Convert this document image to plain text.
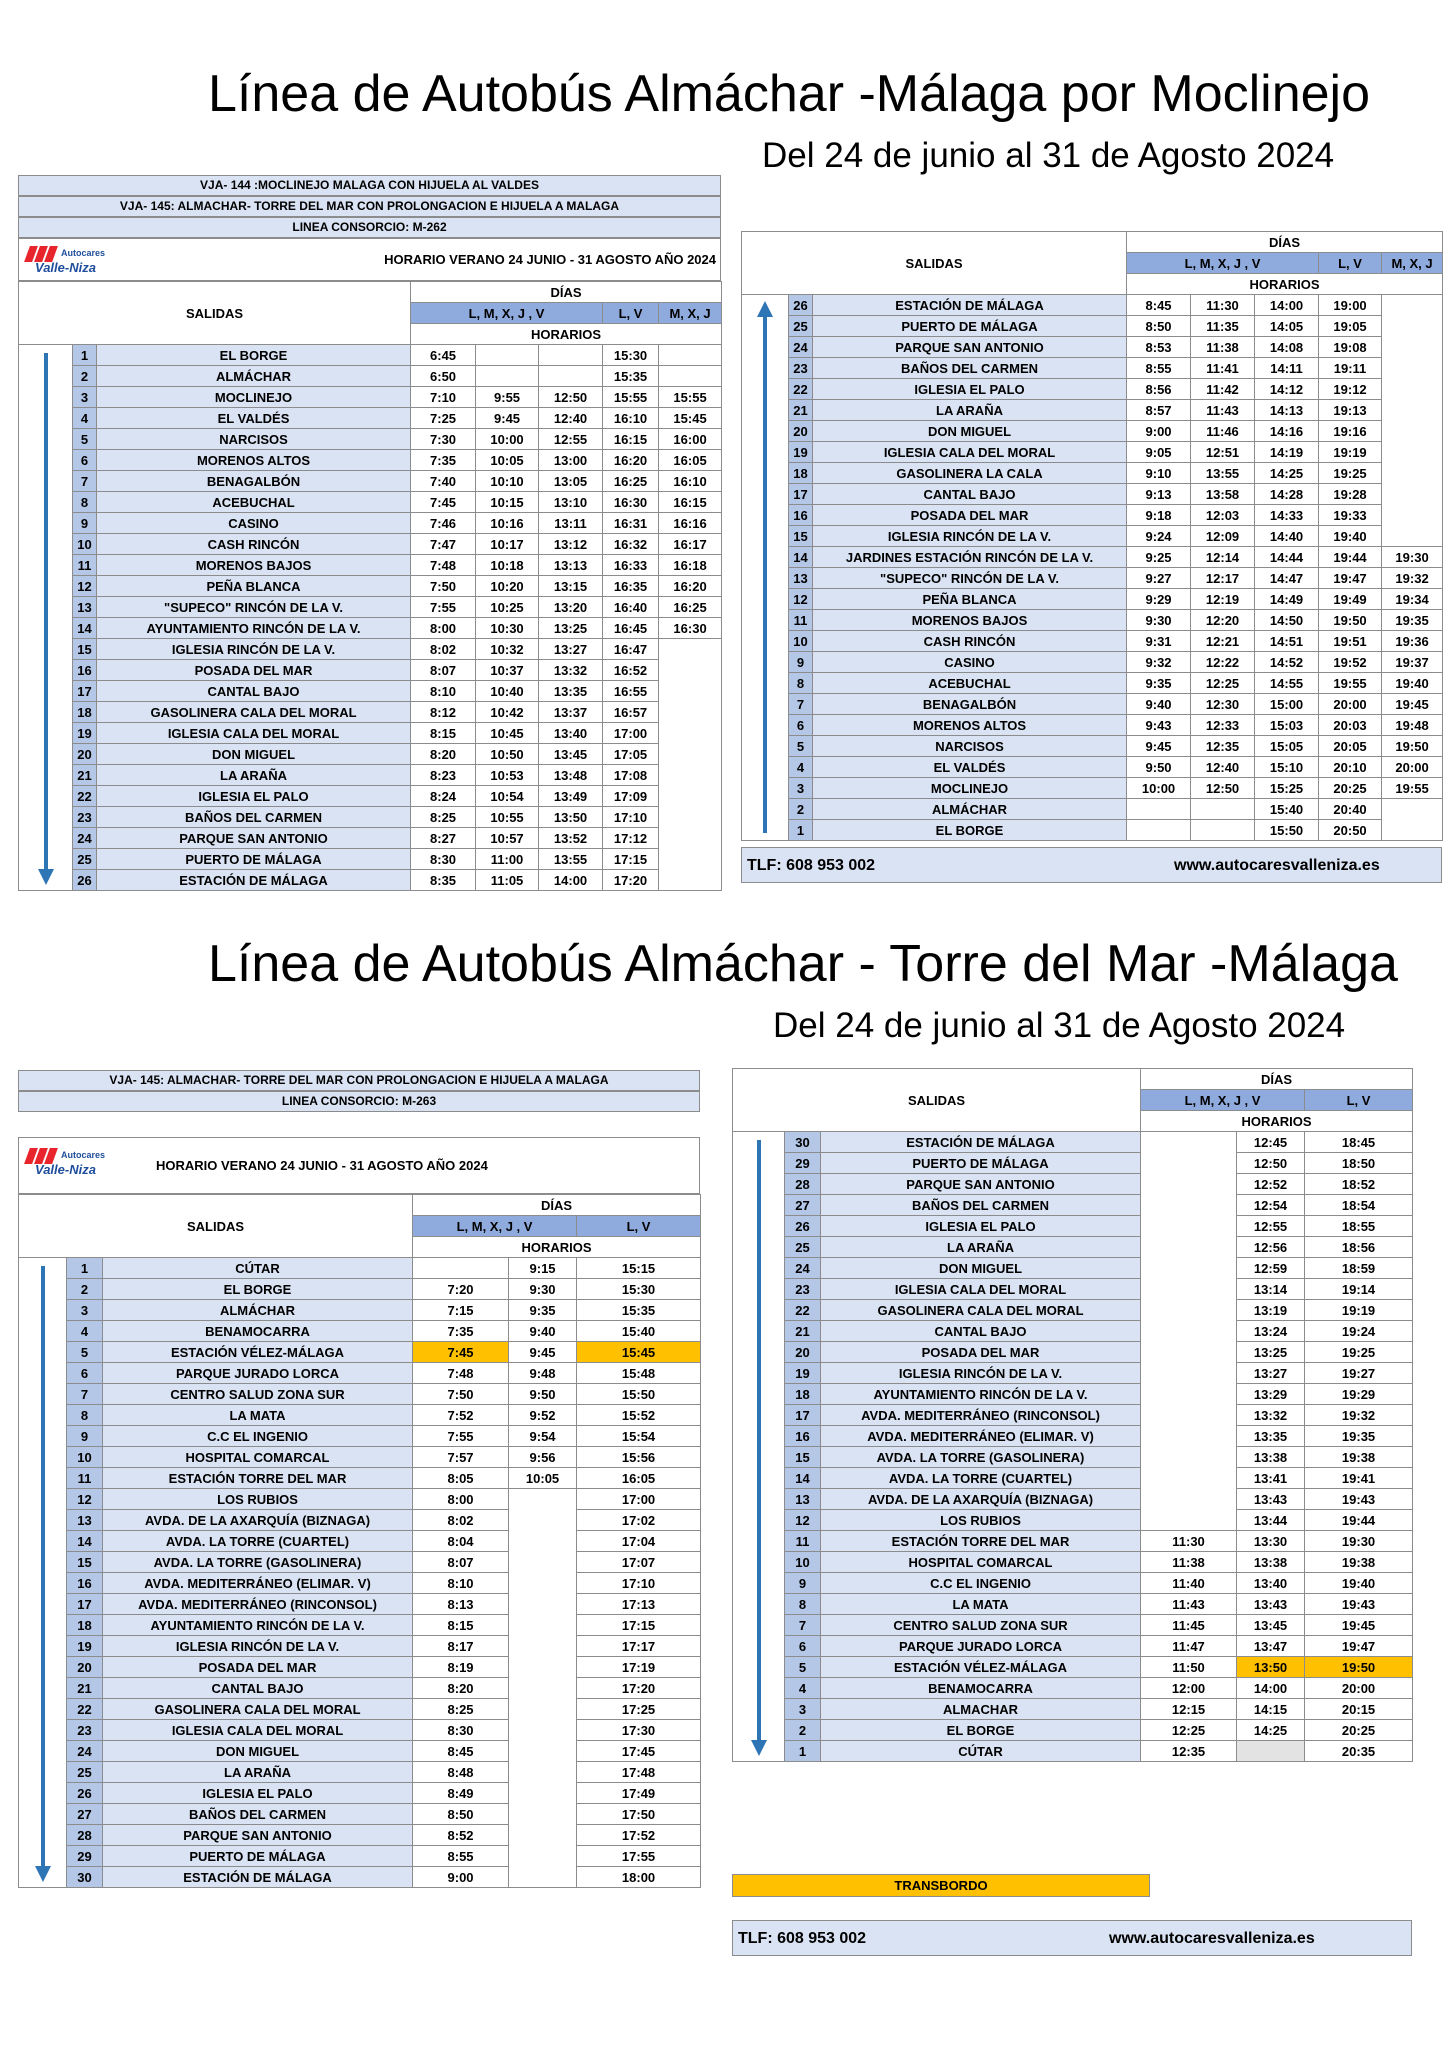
Línea de Autobús Almáchar -Málaga por Moclinejo
Del 24 de junio al 31 de Agosto 2024
VJA- 144 :MOCLINEJO MALAGA CON HIJUELA AL VALDES
VJA- 145: ALMACHAR- TORRE DEL MAR CON PROLONGACION E HIJUELA A MALAGA
LINEA CONSORCIO: M-262
Autocares
Valle-Niza
HORARIO VERANO 24 JUNIO - 31 AGOSTO AÑO 2024
SALIDAS			DÍAS				
			L, M, X, J , V			L, V	M, X, J
			HORARIOS				

	1	EL BORGE	6:45			15:30	
	2	ALMÁCHAR	6:50			15:35	
	3	MOCLINEJO	7:10	9:55	12:50	15:55	15:55
	4	EL VALDÉS	7:25	9:45	12:40	16:10	15:45
	5	NARCISOS	7:30	10:00	12:55	16:15	16:00
	6	MORENOS ALTOS	7:35	10:05	13:00	16:20	16:05
	7	BENAGALBÓN	7:40	10:10	13:05	16:25	16:10
	8	ACEBUCHAL	7:45	10:15	13:10	16:30	16:15
	9	CASINO	7:46	10:16	13:11	16:31	16:16
	10	CASH RINCÓN	7:47	10:17	13:12	16:32	16:17
	11	MORENOS BAJOS	7:48	10:18	13:13	16:33	16:18
	12	PEÑA BLANCA	7:50	10:20	13:15	16:35	16:20
	13	"SUPECO" RINCÓN DE LA V.	7:55	10:25	13:20	16:40	16:25
	14	AYUNTAMIENTO RINCÓN DE LA V.	8:00	10:30	13:25	16:45	16:30
	15	IGLESIA RINCÓN DE LA V.	8:02	10:32	13:27	16:47	
	16	POSADA DEL MAR	8:07	10:37	13:32	16:52	
	17	CANTAL BAJO	8:10	10:40	13:35	16:55	
	18	GASOLINERA CALA DEL MORAL	8:12	10:42	13:37	16:57	
	19	IGLESIA CALA DEL MORAL	8:15	10:45	13:40	17:00	
	20	DON MIGUEL	8:20	10:50	13:45	17:05	
	21	LA ARAÑA	8:23	10:53	13:48	17:08	
	22	IGLESIA EL PALO	8:24	10:54	13:49	17:09	
	23	BAÑOS DEL CARMEN	8:25	10:55	13:50	17:10	
	24	PARQUE SAN ANTONIO	8:27	10:57	13:52	17:12	
	25	PUERTO DE MÁLAGA	8:30	11:00	13:55	17:15	
	26	ESTACIÓN DE MÁLAGA	8:35	11:05	14:00	17:20	
SALIDAS			DÍAS				
			L, M, X, J , V			L, V	M, X, J
			HORARIOS				

	26	ESTACIÓN DE MÁLAGA	8:45	11:30	14:00	19:00	
	25	PUERTO DE MÁLAGA	8:50	11:35	14:05	19:05	
	24	PARQUE SAN ANTONIO	8:53	11:38	14:08	19:08	
	23	BAÑOS DEL CARMEN	8:55	11:41	14:11	19:11	
	22	IGLESIA EL PALO	8:56	11:42	14:12	19:12	
	21	LA ARAÑA	8:57	11:43	14:13	19:13	
	20	DON MIGUEL	9:00	11:46	14:16	19:16	
	19	IGLESIA CALA DEL MORAL	9:05	12:51	14:19	19:19	
	18	GASOLINERA LA CALA	9:10	13:55	14:25	19:25	
	17	CANTAL BAJO	9:13	13:58	14:28	19:28	
	16	POSADA DEL MAR	9:18	12:03	14:33	19:33	
	15	IGLESIA RINCÓN DE LA V.	9:24	12:09	14:40	19:40	
	14	JARDINES ESTACIÓN RINCÓN DE LA V.	9:25	12:14	14:44	19:44	19:30
	13	"SUPECO" RINCÓN DE LA V.	9:27	12:17	14:47	19:47	19:32
	12	PEÑA BLANCA	9:29	12:19	14:49	19:49	19:34
	11	MORENOS BAJOS	9:30	12:20	14:50	19:50	19:35
	10	CASH RINCÓN	9:31	12:21	14:51	19:51	19:36
	9	CASINO	9:32	12:22	14:52	19:52	19:37
	8	ACEBUCHAL	9:35	12:25	14:55	19:55	19:40
	7	BENAGALBÓN	9:40	12:30	15:00	20:00	19:45
	6	MORENOS ALTOS	9:43	12:33	15:03	20:03	19:48
	5	NARCISOS	9:45	12:35	15:05	20:05	19:50
	4	EL VALDÉS	9:50	12:40	15:10	20:10	20:00
	3	MOCLINEJO	10:00	12:50	15:25	20:25	19:55
	2	ALMÁCHAR			15:40	20:40	
	1	EL BORGE			15:50	20:50	
TLF: 608 953 002	www.autocaresvalleniza.es
Línea de Autobús Almáchar - Torre del Mar -Málaga
Del 24 de junio al 31 de Agosto 2024
VJA- 145: ALMACHAR- TORRE DEL MAR CON PROLONGACION E HIJUELA A MALAGA
LINEA CONSORCIO: M-263
Autocares
Valle-Niza	HORARIO VERANO 24 JUNIO - 31 AGOSTO AÑO 2024
SALIDAS			DÍAS		
			L, M, X, J , V		L, V
			HORARIOS		

	1	CÚTAR		9:15	15:15
	2	EL BORGE	7:20	9:30	15:30
	3	ALMÁCHAR	7:15	9:35	15:35
	4	BENAMOCARRA	7:35	9:40	15:40
	5	ESTACIÓN VÉLEZ-MÁLAGA	7:45	9:45	15:45
	6	PARQUE JURADO LORCA	7:48	9:48	15:48
	7	CENTRO SALUD ZONA SUR	7:50	9:50	15:50
	8	LA MATA	7:52	9:52	15:52
	9	C.C EL INGENIO	7:55	9:54	15:54
	10	HOSPITAL COMARCAL	7:57	9:56	15:56
	11	ESTACIÓN TORRE DEL MAR	8:05	10:05	16:05
	12	LOS RUBIOS	8:00		17:00
	13	AVDA. DE LA AXARQUÍA (BIZNAGA)	8:02		17:02
	14	AVDA. LA TORRE (CUARTEL)	8:04		17:04
	15	AVDA. LA TORRE (GASOLINERA)	8:07		17:07
	16	AVDA. MEDITERRÁNEO (ELIMAR. V)	8:10		17:10
	17	AVDA. MEDITERRÁNEO (RINCONSOL)	8:13		17:13
	18	AYUNTAMIENTO RINCÓN DE LA V.	8:15		17:15
	19	IGLESIA RINCÓN DE LA V.	8:17		17:17
	20	POSADA DEL MAR	8:19		17:19
	21	CANTAL BAJO	8:20		17:20
	22	GASOLINERA CALA DEL MORAL	8:25		17:25
	23	IGLESIA CALA DEL MORAL	8:30		17:30
	24	DON MIGUEL	8:45		17:45
	25	LA ARAÑA	8:48		17:48
	26	IGLESIA EL PALO	8:49		17:49
	27	BAÑOS DEL CARMEN	8:50		17:50
	28	PARQUE SAN ANTONIO	8:52		17:52
	29	PUERTO DE MÁLAGA	8:55		17:55
	30	ESTACIÓN DE MÁLAGA	9:00		18:00
SALIDAS			DÍAS		
			L, M, X, J , V		L, V
			HORARIOS		

	30	ESTACIÓN DE MÁLAGA		12:45	18:45
	29	PUERTO DE MÁLAGA		12:50	18:50
	28	PARQUE SAN ANTONIO		12:52	18:52
	27	BAÑOS DEL CARMEN		12:54	18:54
	26	IGLESIA EL PALO		12:55	18:55
	25	LA ARAÑA		12:56	18:56
	24	DON MIGUEL		12:59	18:59
	23	IGLESIA CALA DEL MORAL		13:14	19:14
	22	GASOLINERA CALA DEL MORAL		13:19	19:19
	21	CANTAL BAJO		13:24	19:24
	20	POSADA DEL MAR		13:25	19:25
	19	IGLESIA RINCÓN DE LA V.		13:27	19:27
	18	AYUNTAMIENTO RINCÓN DE LA V.		13:29	19:29
	17	AVDA. MEDITERRÁNEO (RINCONSOL)		13:32	19:32
	16	AVDA. MEDITERRÁNEO (ELIMAR. V)		13:35	19:35
	15	AVDA. LA TORRE (GASOLINERA)		13:38	19:38
	14	AVDA. LA TORRE (CUARTEL)		13:41	19:41
	13	AVDA. DE LA AXARQUÍA (BIZNAGA)		13:43	19:43
	12	LOS RUBIOS		13:44	19:44
	11	ESTACIÓN TORRE DEL MAR	11:30	13:30	19:30
	10	HOSPITAL COMARCAL	11:38	13:38	19:38
	9	C.C EL INGENIO	11:40	13:40	19:40
	8	LA MATA	11:43	13:43	19:43
	7	CENTRO SALUD ZONA SUR	11:45	13:45	19:45
	6	PARQUE JURADO LORCA	11:47	13:47	19:47
	5	ESTACIÓN VÉLEZ-MÁLAGA	11:50	13:50	19:50
	4	BENAMOCARRA	12:00	14:00	20:00
	3	ALMACHAR	12:15	14:15	20:15
	2	EL BORGE	12:25	14:25	20:25
	1	CÚTAR	12:35		20:35
TRANSBORDO
TLF: 608 953 002	www.autocaresvalleniza.es
